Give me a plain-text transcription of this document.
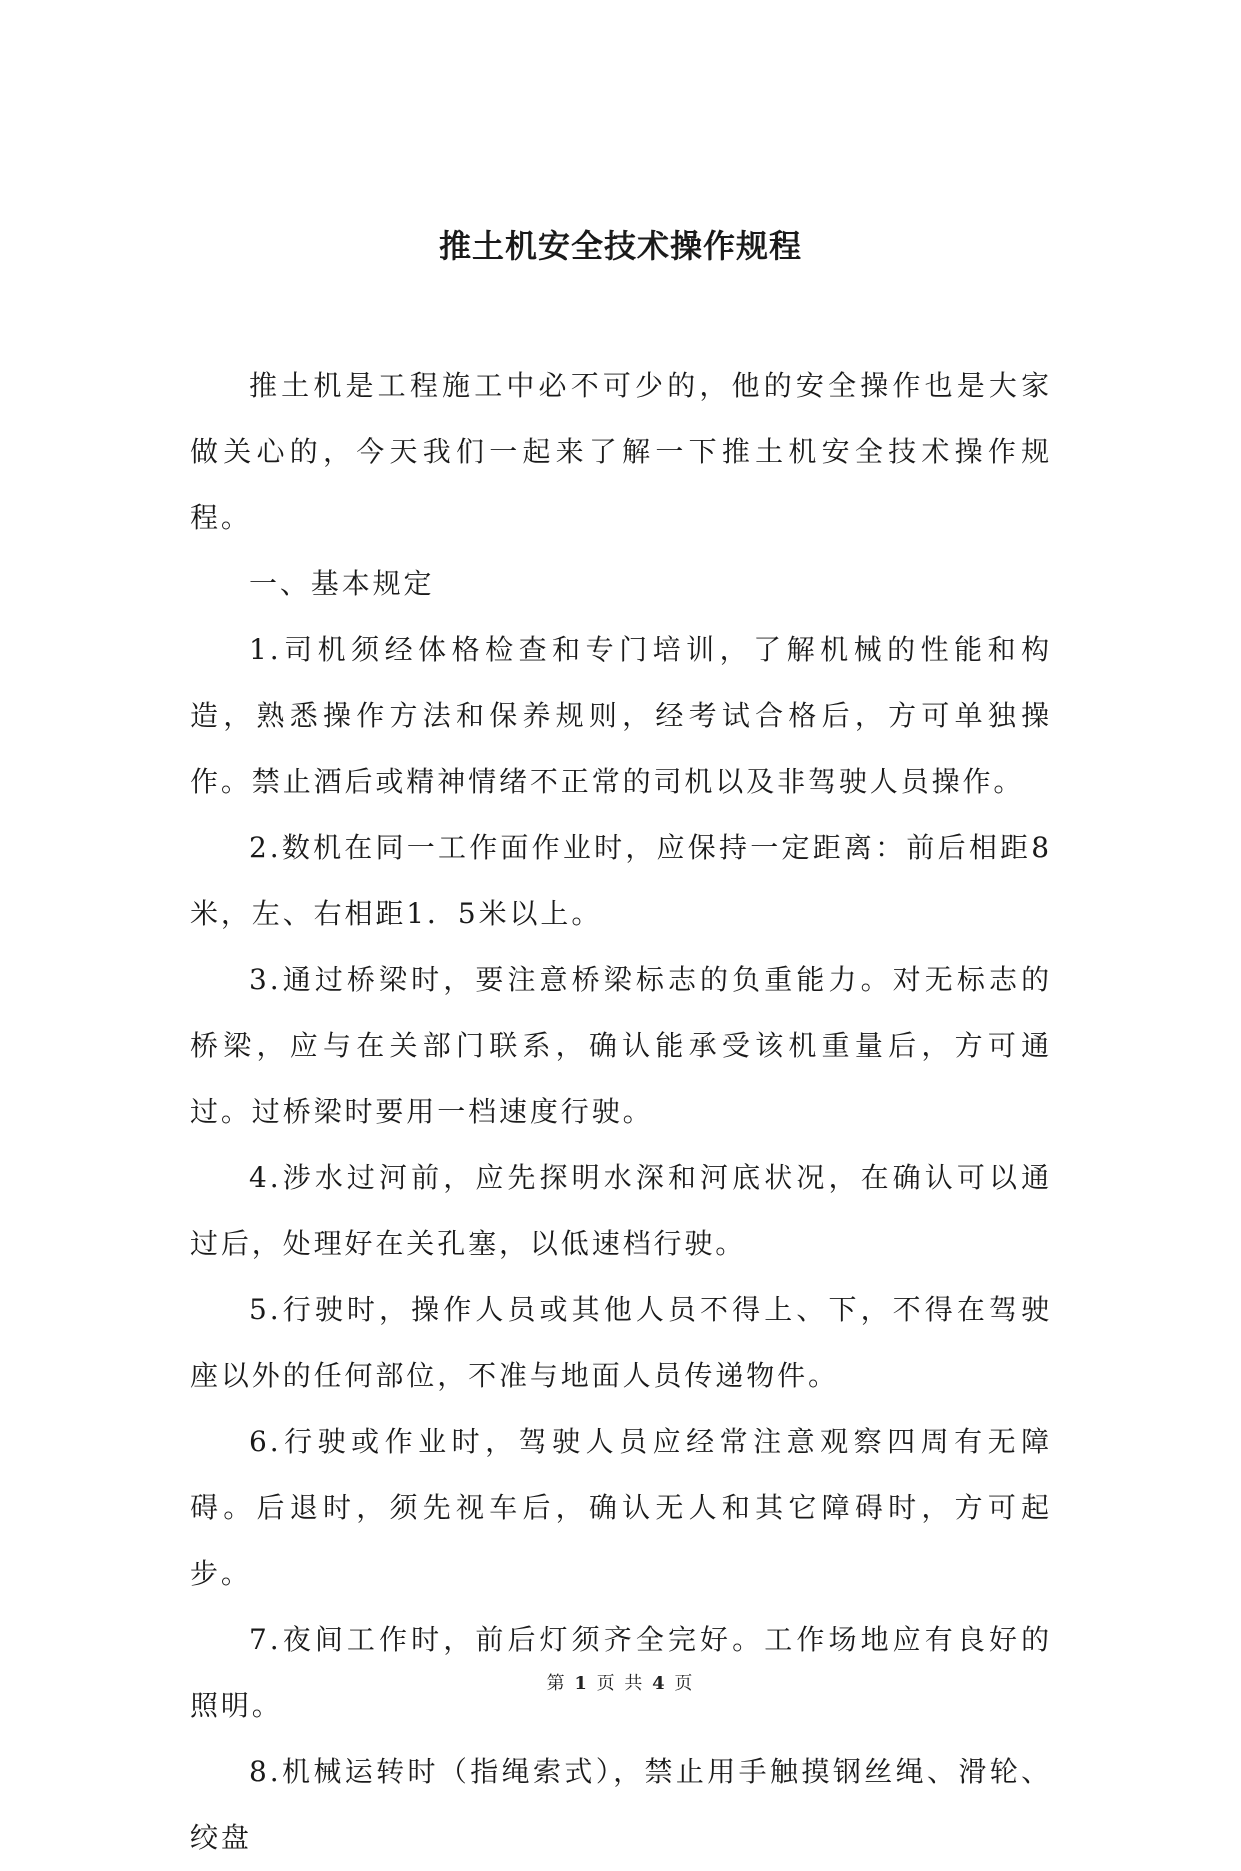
推土机安全技术操作规程

推土机是工程施工中必不可少的，他的安全操作也是大家做关心的，今天我们一起来了解一下推土机安全技术操作规程。

一、基本规定

1.司机须经体格检查和专门培训，了解机械的性能和构造，熟悉操作方法和保养规则，经考试合格后，方可单独操作。禁止酒后或精神情绪不正常的司机以及非驾驶人员操作。

2.数机在同一工作面作业时，应保持一定距离：前后相距8米，左、右相距1．5米以上。

3.通过桥梁时，要注意桥梁标志的负重能力。对无标志的桥梁，应与在关部门联系，确认能承受该机重量后，方可通过。过桥梁时要用一档速度行驶。

4.涉水过河前，应先探明水深和河底状况，在确认可以通过后，处理好在关孔塞，以低速档行驶。

5.行驶时，操作人员或其他人员不得上、下，不得在驾驶座以外的任何部位，不准与地面人员传递物件。

6.行驶或作业时，驾驶人员应经常注意观察四周有无障碍。后退时，须先视车后，确认无人和其它障碍时，方可起步。

7.夜间工作时，前后灯须齐全完好。工作场地应有良好的照明。

8.机械运转时（指绳索式），禁止用手触摸钢丝绳、滑轮、绞盘

第 1 页 共 4 页
